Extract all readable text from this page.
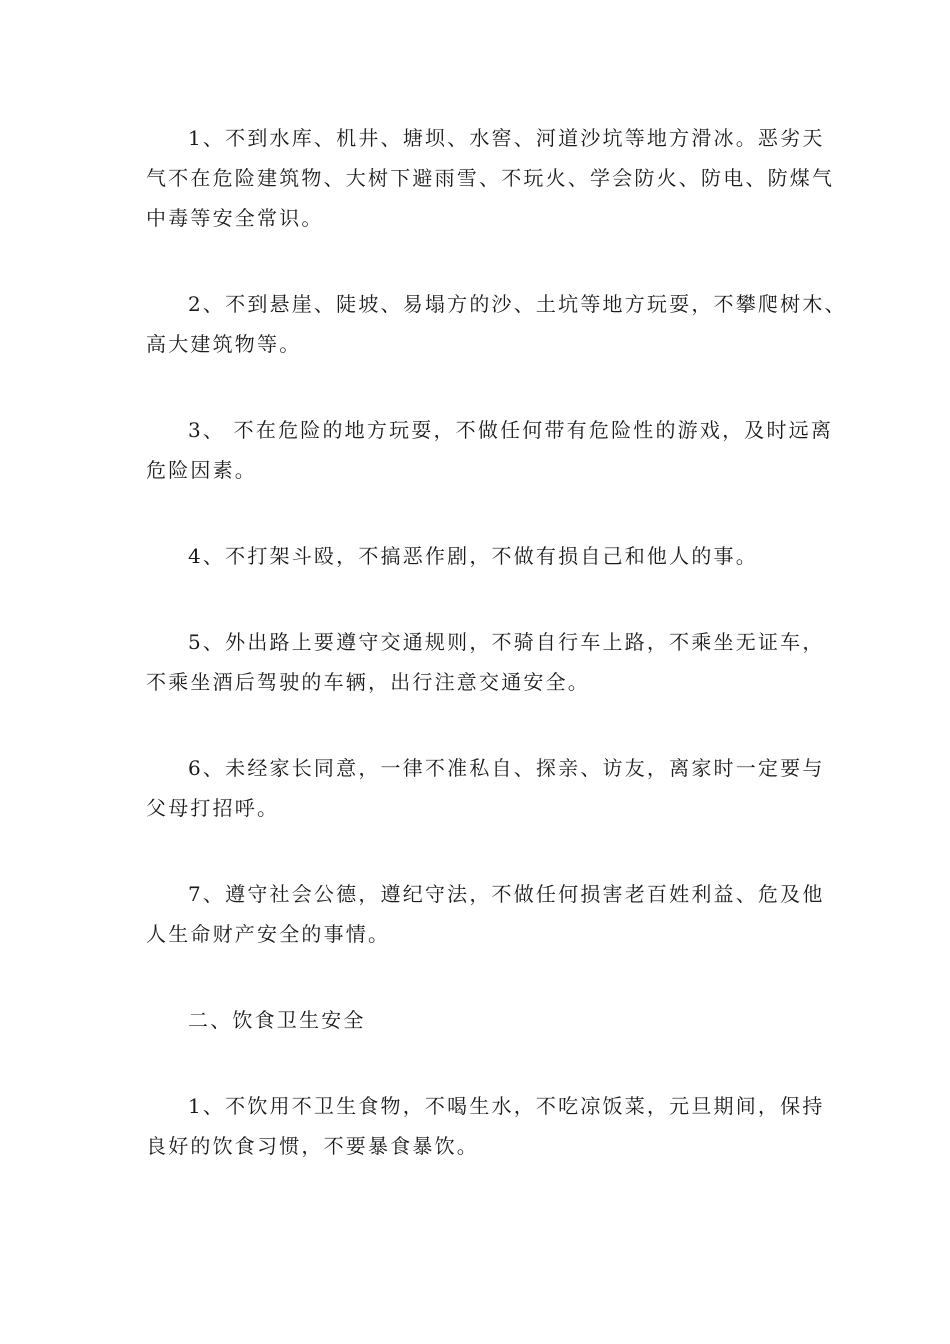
1、不到水库、机井、塘坝、水窖、河道沙坑等地方滑冰。恶劣天
气不在危险建筑物、大树下避雨雪、不玩火、学会防火、防电、防煤气
中毒等安全常识。

2、不到悬崖、陡坡、易塌方的沙、土坑等地方玩耍，不攀爬树木、
高大建筑物等。

3、 不在危险的地方玩耍，不做任何带有危险性的游戏，及时远离
危险因素。

4、不打架斗殴，不搞恶作剧，不做有损自己和他人的事。

5、外出路上要遵守交通规则，不骑自行车上路，不乘坐无证车，
不乘坐酒后驾驶的车辆，出行注意交通安全。

6、未经家长同意，一律不准私自、探亲、访友，离家时一定要与
父母打招呼。

7、遵守社会公德，遵纪守法，不做任何损害老百姓利益、危及他
人生命财产安全的事情。

二、饮食卫生安全

1、不饮用不卫生食物，不喝生水，不吃凉饭菜，元旦期间，保持
良好的饮食习惯，不要暴食暴饮。
